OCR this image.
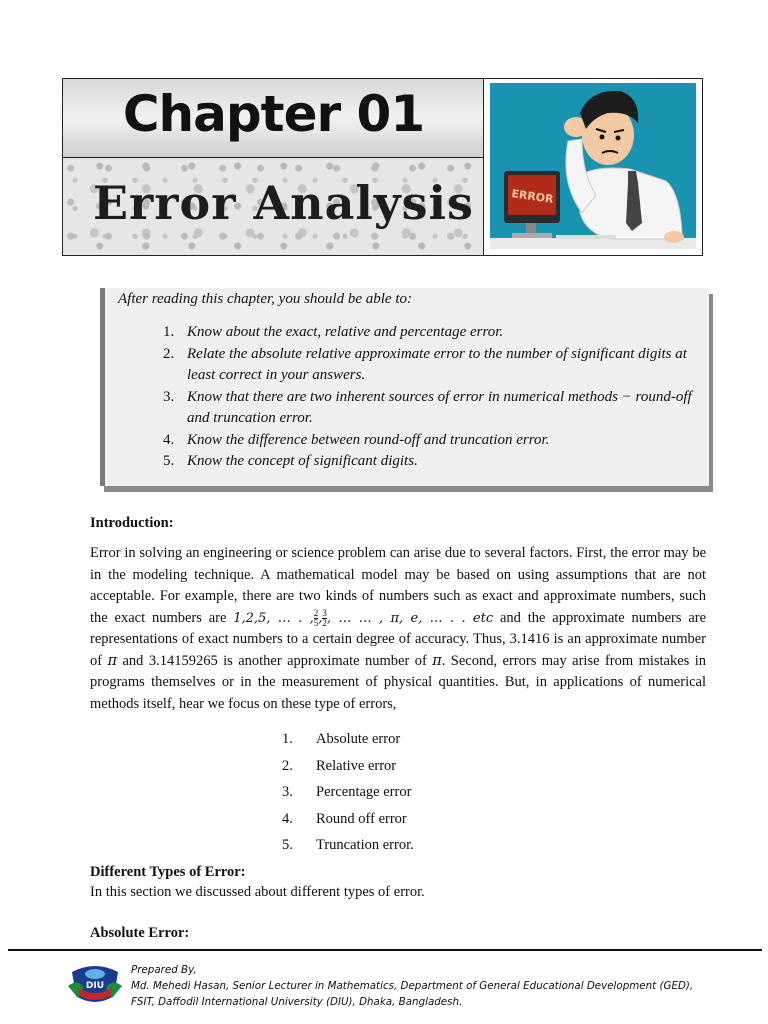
Chapter 01
Error Analysis	ERROR
After reading this chapter, you should be able to:
1. Know about the exact, relative and percentage error.
2. Relate the absolute relative approximate error to the number of significant digits at least correct in your answers.
3. Know that there are two inherent sources of error in numerical methods − round-off and truncation error.
4. Know the difference between round-off and truncation error.
5. Know the concept of significant digits.
Introduction:
Error in solving an engineering or science problem can arise due to several factors. First, the error may be in the modeling technique. A mathematical model may be based on using assumptions that are not acceptable. For example, there are two kinds of numbers such as exact and approximate numbers, such the exact numbers are 1,2,5, … . , $\frac{2}{5}$ , $\frac{3}{2}$ , … … , π, e, … . . etc and the approximate numbers are representations of exact numbers to a certain degree of accuracy. Thus, 3.1416 is an approximate number of π and 3.14159265 is another approximate number of π. Second, errors may arise from mistakes in programs themselves or in the measurement of physical quantities. But, in applications of numerical methods itself, hear we focus on these type of errors,
1. Absolute error
2. Relative error
3. Percentage error
4. Round off error
5. Truncation error.
Different Types of Error:
In this section we discussed about different types of error.
Absolute Error:
DIU
Prepared By,
Md. Mehedi Hasan, Senior Lecturer in Mathematics, Department of General Educational Development (GED),
FSIT, Daffodil International University (DIU), Dhaka, Bangladesh.
